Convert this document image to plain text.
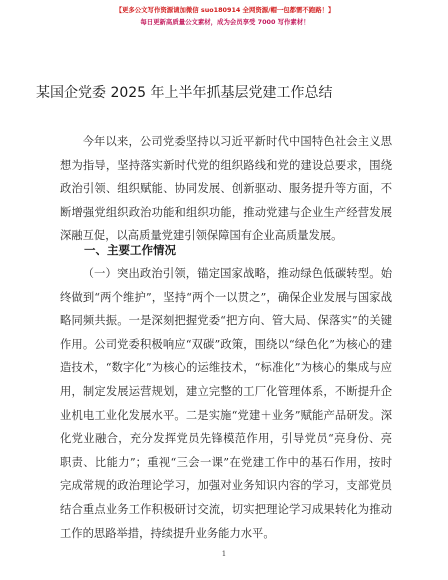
【更多公文写作资源请加微信 suo180914 全网资源/帽一包都需不跑路！】
每日更新高质量公文素材，成为会员享受 7000 写作素材！
某国企党委 2025 年上半年抓基层党建工作总结
今年以来，公司党委坚持以习近平新时代中国特色社会主义思想为指导，坚持落实新时代党的组织路线和党的建设总要求，围绕政治引领、组织赋能、协同发展、创新驱动、服务提升等方面，不断增强党组织政治功能和组织功能，推动党建与企业生产经营发展深融互促，以高质量党建引领保障国有企业高质量发展。
一、主要工作情况
（一）突出政治引领，锚定国家战略，推动绿色低碳转型。始终做到“两个维护”，坚持“两个一以贯之”，确保企业发展与国家战略同频共振。一是深刻把握党委“把方向、管大局、保落实”的关键作用。公司党委积极响应“双碳”政策，围绕以“绿色化”为核心的建造技术，“数字化”为核心的运维技术，“标准化”为核心的集成与应用，制定发展运营规划，建立完整的工厂化管理体系，不断提升企业机电工业化发展水平。二是实施“党建＋业务”赋能产品研发。深化党业融合，充分发挥党员先锋模范作用，引导党员“亮身份、亮职责、比能力”；重视“三会一课”在党建工作中的基石作用，按时完成常规的政治理论学习，加强对业务知识内容的学习，支部党员结合重点业务工作积极研讨交流，切实把理论学习成果转化为推动工作的思路举措，持续提升业务能力水平。
1
